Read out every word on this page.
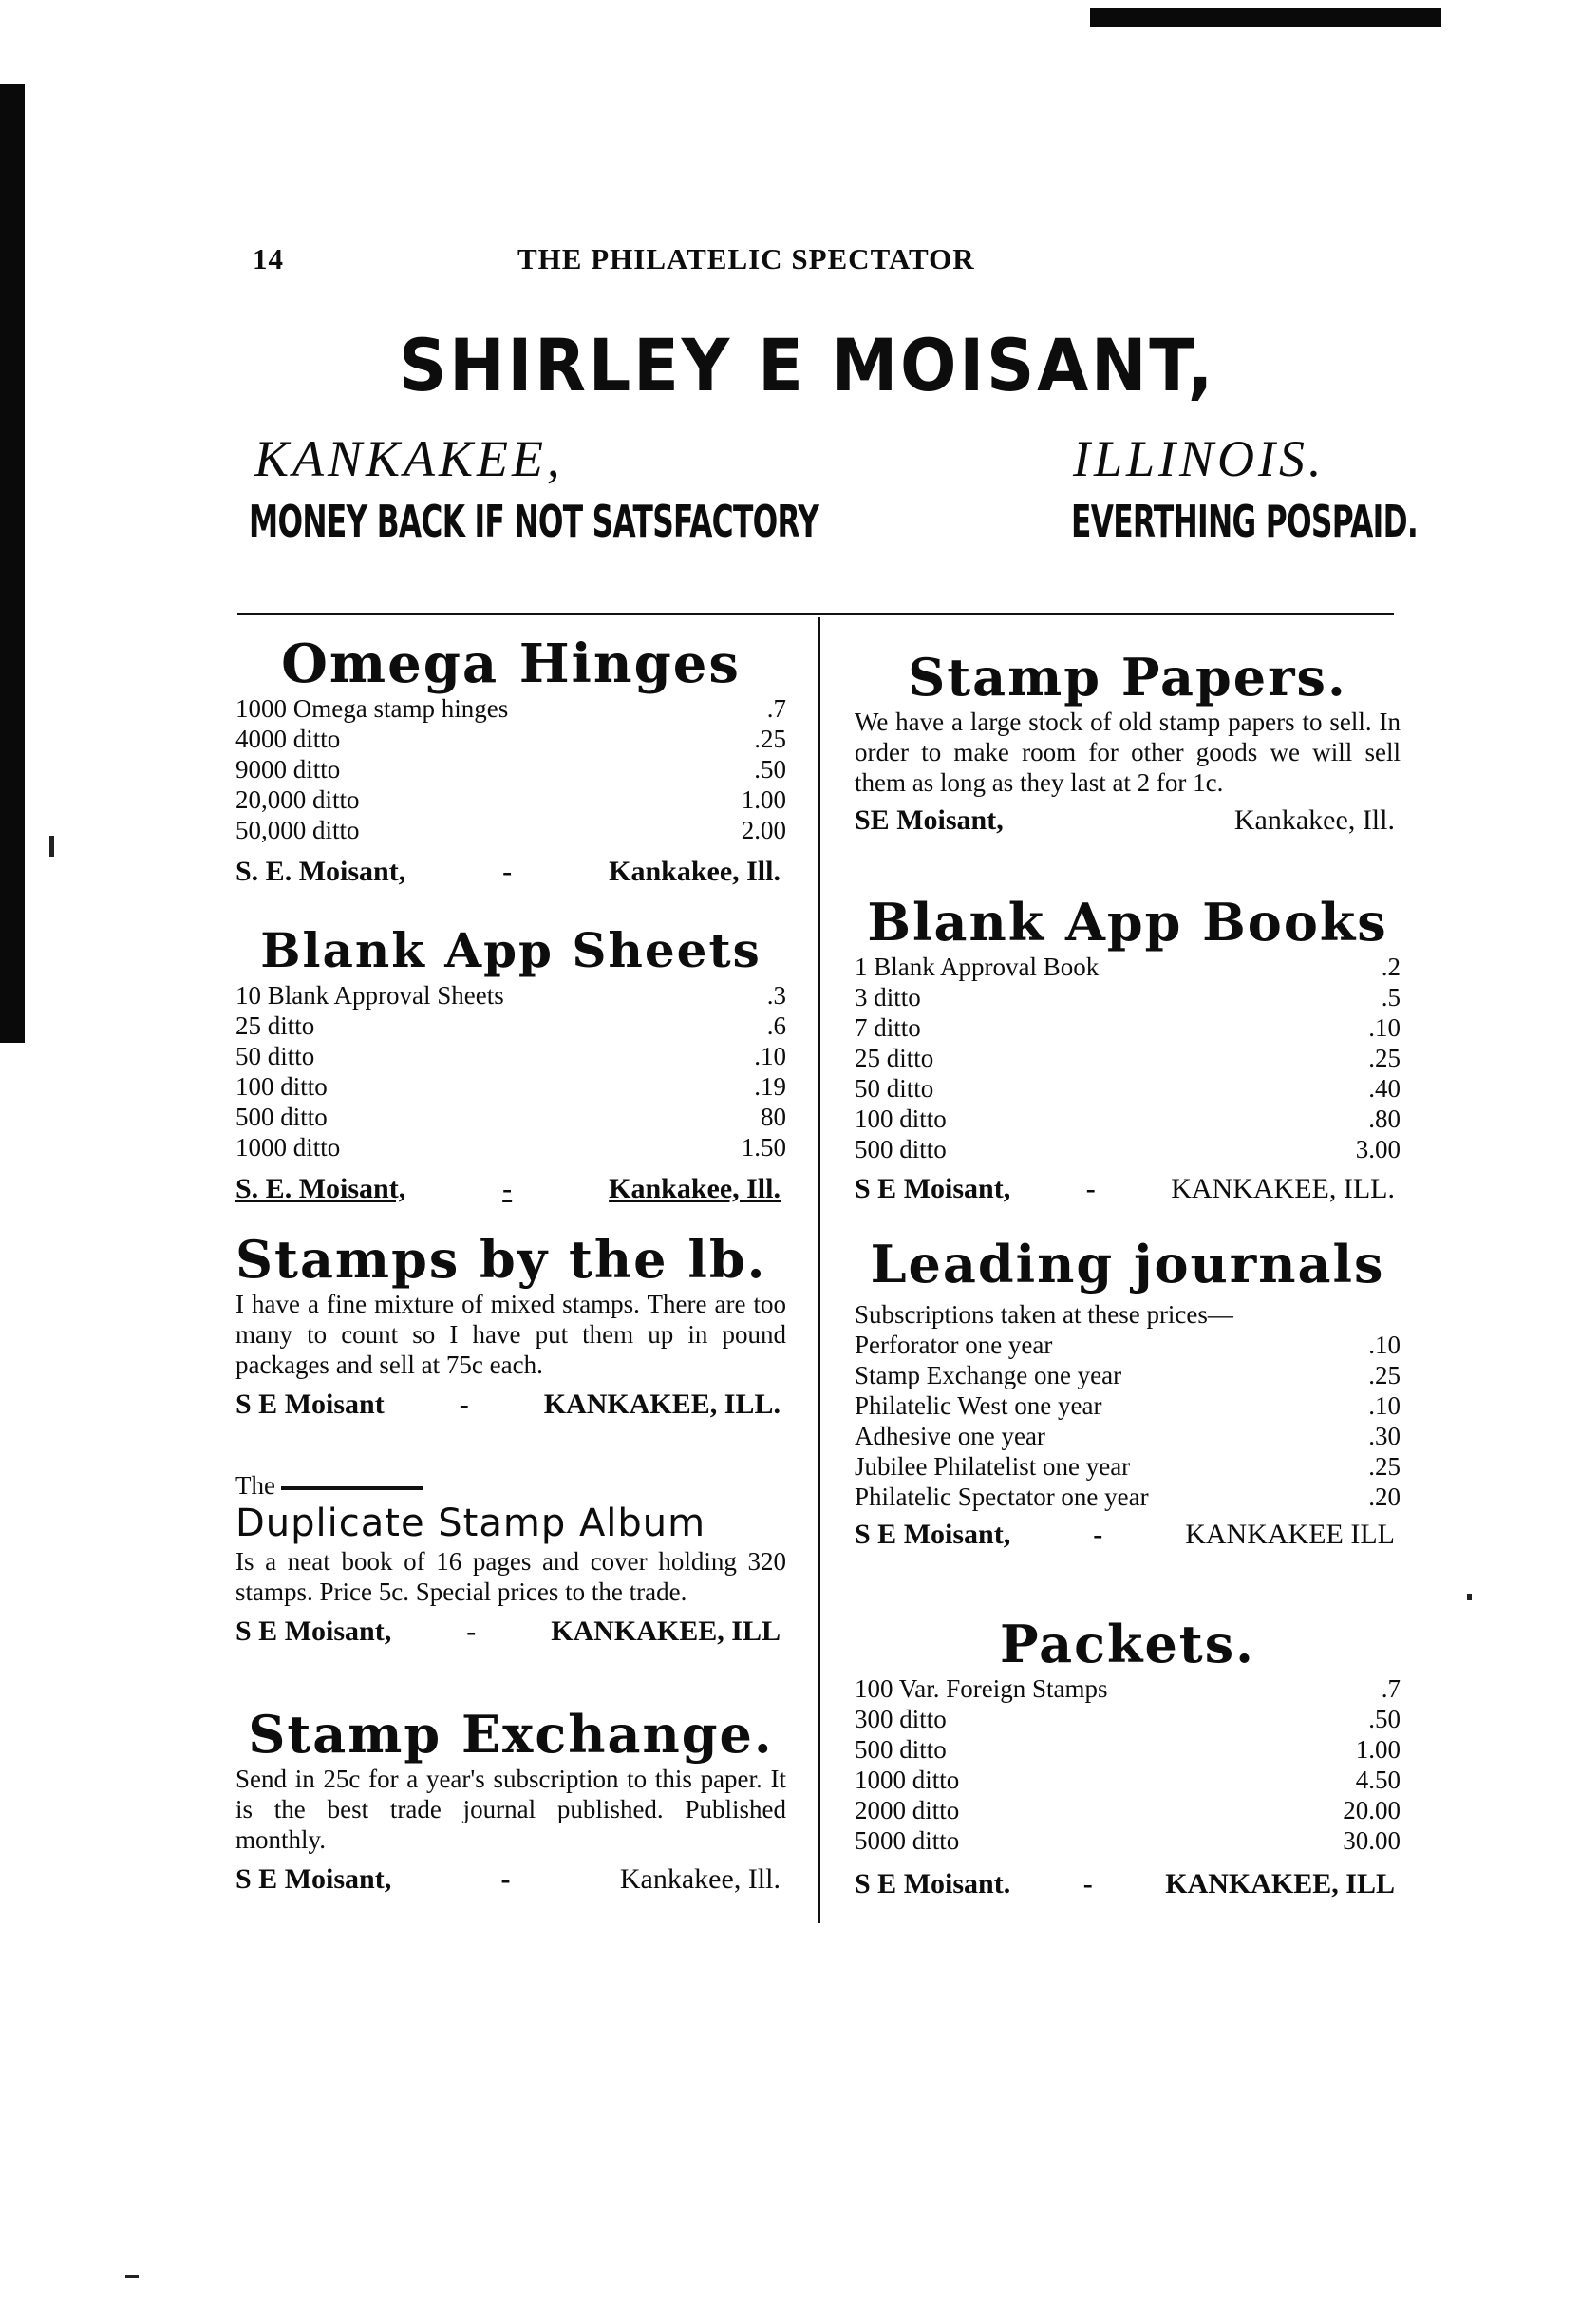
14	THE PHILATELIC SPECTATOR
SHIRLEY E MOISANT,
KANKAKEE,	ILLINOIS.
MONEY BACK IF NOT SATSFACTORY	EVERTHING POSPAID.
Omega Hinges
1000 Omega stamp hinges	.7
4000 ditto	.25
9000 ditto	.50
20,000 ditto	1.00
50,000 ditto	2.00
S. E. Moisant,	-	Kankakee, Ill.
Blank App Sheets
10 Blank Approval Sheets	.3
25 ditto	.6
50 ditto	.10
100 ditto	.19
500 ditto	80
1000 ditto	1.50
S. E. Moisant,	-	Kankakee, Ill.
Stamps by the lb.
I have a fine mixture of mixed stamps. There are too many to count so I have put them up in pound packages and sell at 75c each.
S E Moisant	-	KANKAKEE, ILL.
The
Duplicate Stamp Album
Is a neat book of 16 pages and cover holding 320 stamps. Price 5c. Special prices to the trade.
S E Moisant,	-	KANKAKEE, ILL
Stamp Exchange.
Send in 25c for a year's subscription to this paper. It is the best trade journal published. Published monthly.
S E Moisant,	-	Kankakee, Ill.
Stamp Papers.
We have a large stock of old stamp papers to sell. In order to make room for other goods we will sell them as long as they last at 2 for 1c.
SE Moisant,	Kankakee, Ill.
Blank App Books
1 Blank Approval Book	.2
3 ditto	.5
7 ditto	.10
25 ditto	.25
50 ditto	.40
100 ditto	.80
500 ditto	3.00
S E Moisant,	-	KANKAKEE, ILL.
Leading journals
Subscriptions taken at these prices—
Perforator one year	.10
Stamp Exchange one year	.25
Philatelic West one year	.10
Adhesive one year	.30
Jubilee Philatelist one year	.25
Philatelic Spectator one year	.20
S E Moisant,	-	KANKAKEE ILL
Packets.
100 Var. Foreign Stamps	.7
300 ditto	.50
500 ditto	1.00
1000 ditto	4.50
2000 ditto	20.00
5000 ditto	30.00
S E Moisant.	-	KANKAKEE, ILL
